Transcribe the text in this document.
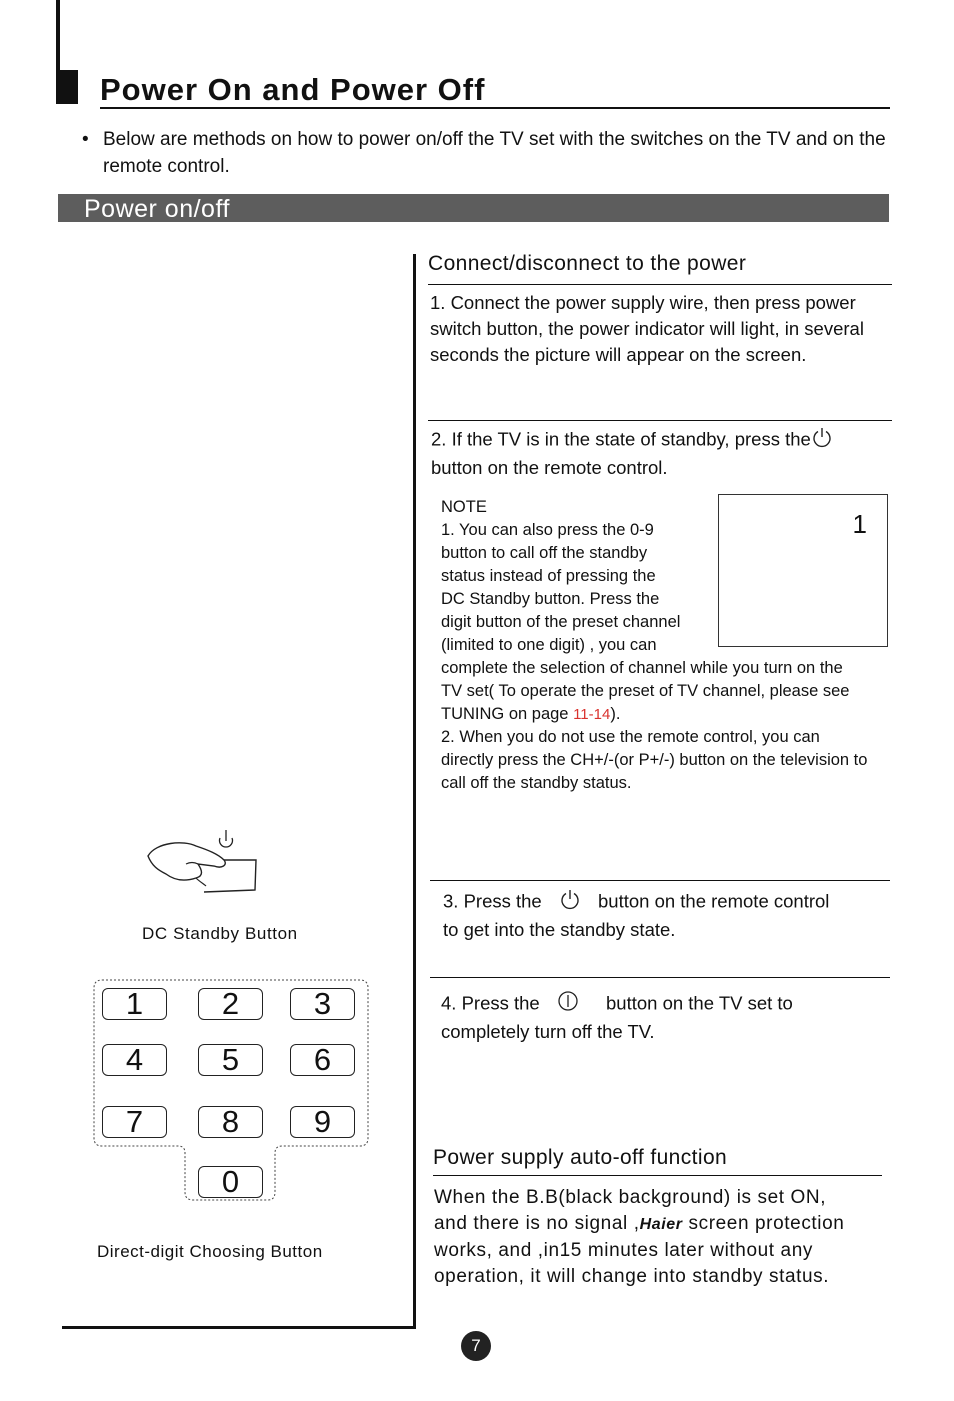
Power On and Power Off
• Below are methods on how to power on/off the TV set with the switches on the TV and on the remote control.
Power on/off
Connect/disconnect to the power
1. Connect the power supply wire, then press power switch button, the power indicator will light, in several seconds the picture will appear on the screen.
2. If the TV is in the state of standby, press the
button on the remote control.
NOTE
1. You can also press the 0-9
button to call off the standby
status instead of pressing the
DC Standby button. Press the
digit button of the preset channel
(limited to one digit) , you can
complete the selection of channel while you turn on the
TV set( To operate the preset of TV channel, please see
TUNING on page 11-14).
2. When you do not use the remote control, you can
directly press the CH+/-(or P+/-) button on the television to
call off the standby status.
1
3. Press the	button on the remote control
to get into the standby state.
4. Press the	button on the TV set to
completely turn off the TV.
Power supply auto-off function
When the B.B(black background) is set ON,
and there is no signal ,Haier screen protection
works, and ,in15 minutes later without any
operation, it will change into standby status.
DC Standby Button
1	2	3
4	5	6
7	8	9
0
Direct-digit Choosing Button
7
